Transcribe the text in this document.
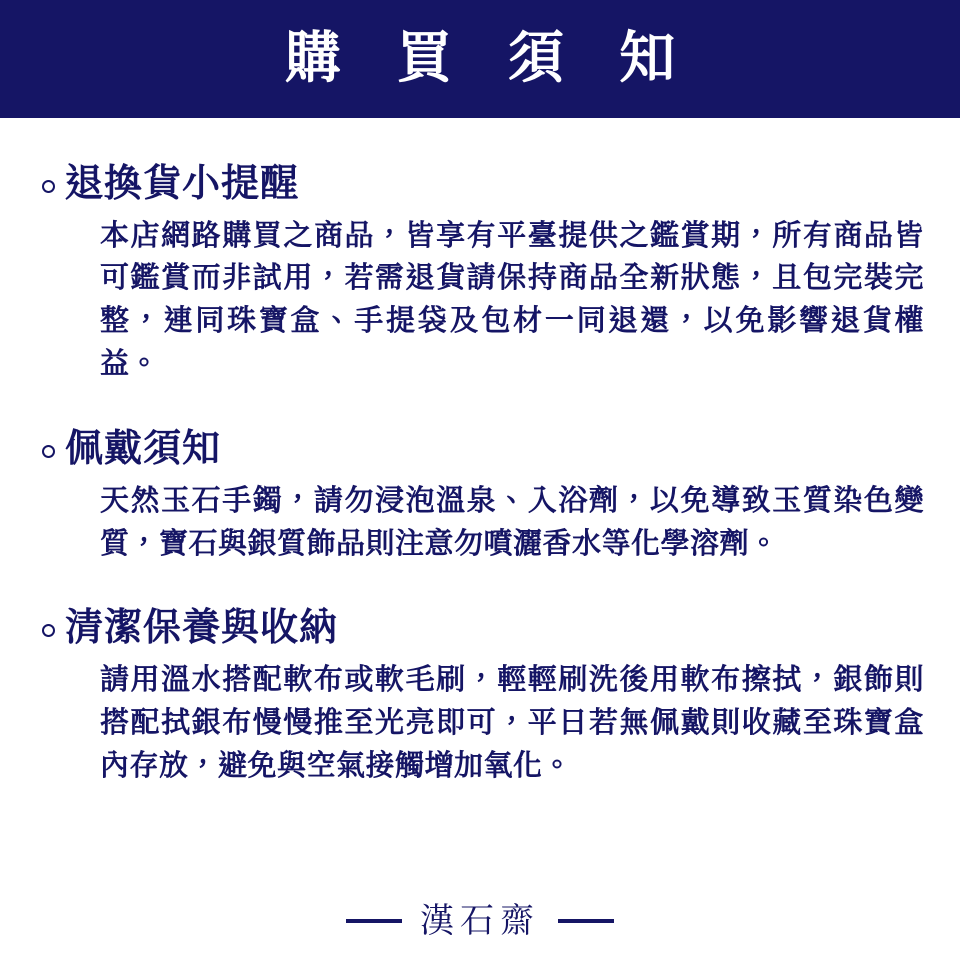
購 買 須 知
退換貨小提醒
本店網路購買之商品，皆享有平臺提供之鑑賞期，所有商品皆可鑑賞而非試用，若需退貨請保持商品全新狀態，且包完裝完整，連同珠寶盒、手提袋及包材一同退還，以免影響退貨權益。
佩戴須知
天然玉石手鐲，請勿浸泡溫泉、入浴劑，以免導致玉質染色變質，寶石與銀質飾品則注意勿噴灑香水等化學溶劑。
清潔保養與收納
請用溫水搭配軟布或軟毛刷，輕輕刷洗後用軟布擦拭，銀飾則搭配拭銀布慢慢推至光亮即可，平日若無佩戴則收藏至珠寶盒內存放，避免與空氣接觸增加氧化。
漢石齋
